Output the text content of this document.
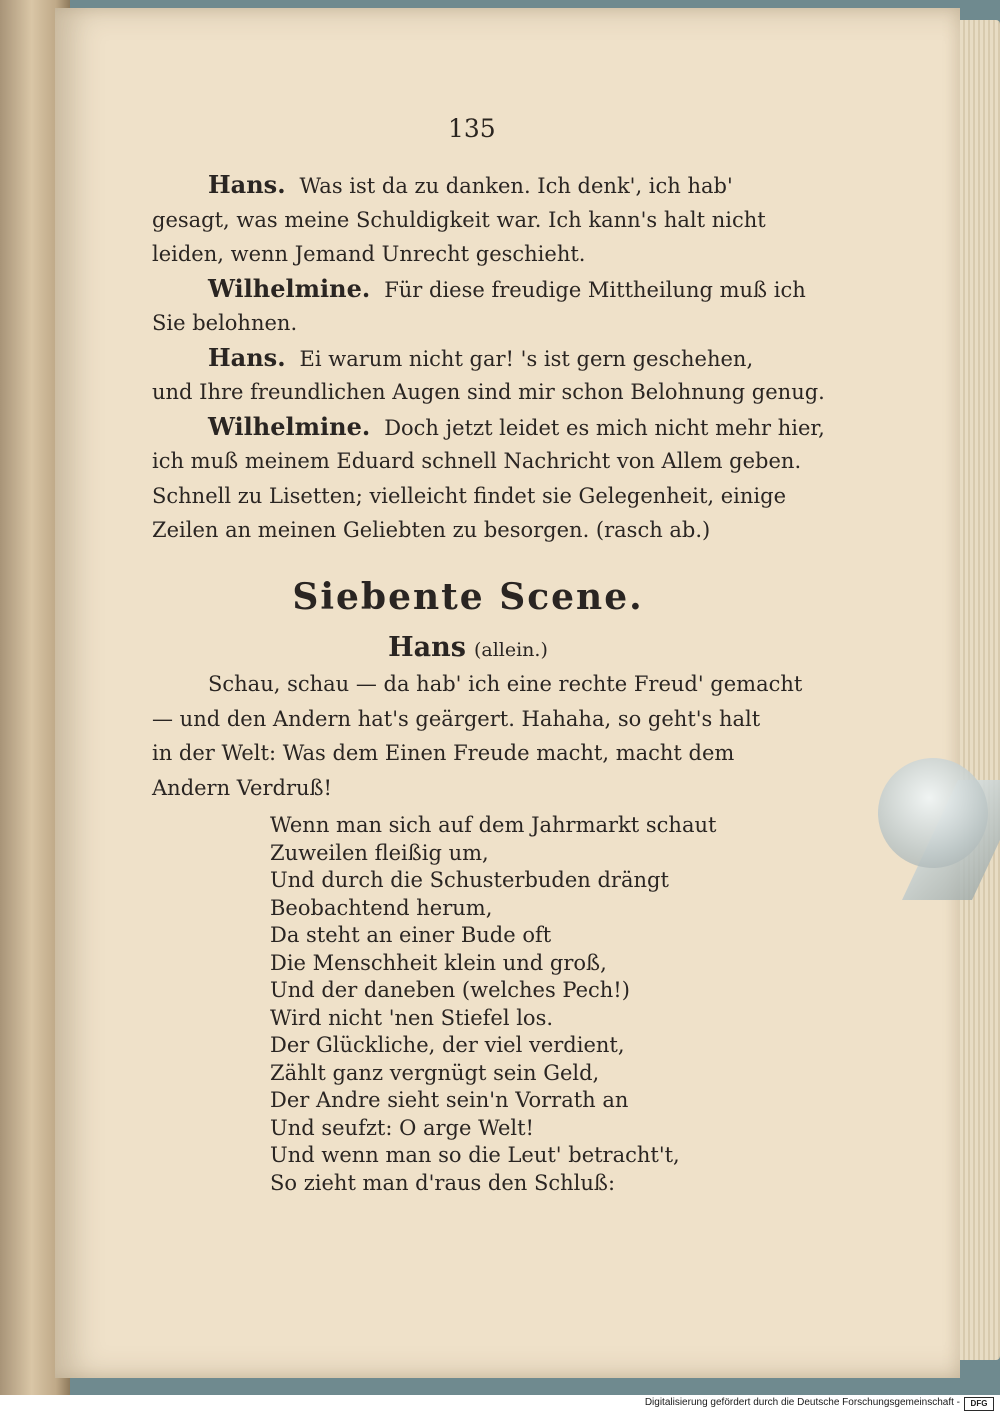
135

Hans. Was ist da zu danken. Ich denk', ich hab'
gesagt, was meine Schuldigkeit war. Ich kann's halt nicht
leiden, wenn Jemand Unrecht geschieht.

Wilhelmine. Für diese freudige Mittheilung muß ich
Sie belohnen.

Hans. Ei warum nicht gar! 's ist gern geschehen,
und Ihre freundlichen Augen sind mir schon Belohnung genug.

Wilhelmine. Doch jetzt leidet es mich nicht mehr hier,
ich muß meinem Eduard schnell Nachricht von Allem geben.
Schnell zu Lisetten; vielleicht findet sie Gelegenheit, einige
Zeilen an meinen Geliebten zu besorgen. (rasch ab.)

Siebente Scene.
Hans (allein.)
Schau, schau — da hab' ich eine rechte Freud' gemacht
— und den Andern hat's geärgert. Hahaha, so geht's halt
in der Welt: Was dem Einen Freude macht, macht dem
Andern Verdruß!
Wenn man sich auf dem Jahrmarkt schaut
Zuweilen fleißig um,
Und durch die Schusterbuden drängt
Beobachtend herum,
Da steht an einer Bude oft
Die Menschheit klein und groß,
Und der daneben (welches Pech!)
Wird nicht 'nen Stiefel los.
Der Glückliche, der viel verdient,
Zählt ganz vergnügt sein Geld,
Der Andre sieht sein'n Vorrath an
Und seufzt: O arge Welt!
Und wenn man so die Leut' betracht't,
So zieht man d'raus den Schluß:
Digitalisierung gefördert durch die Deutsche Forschungsgemeinschaft -	DFG
